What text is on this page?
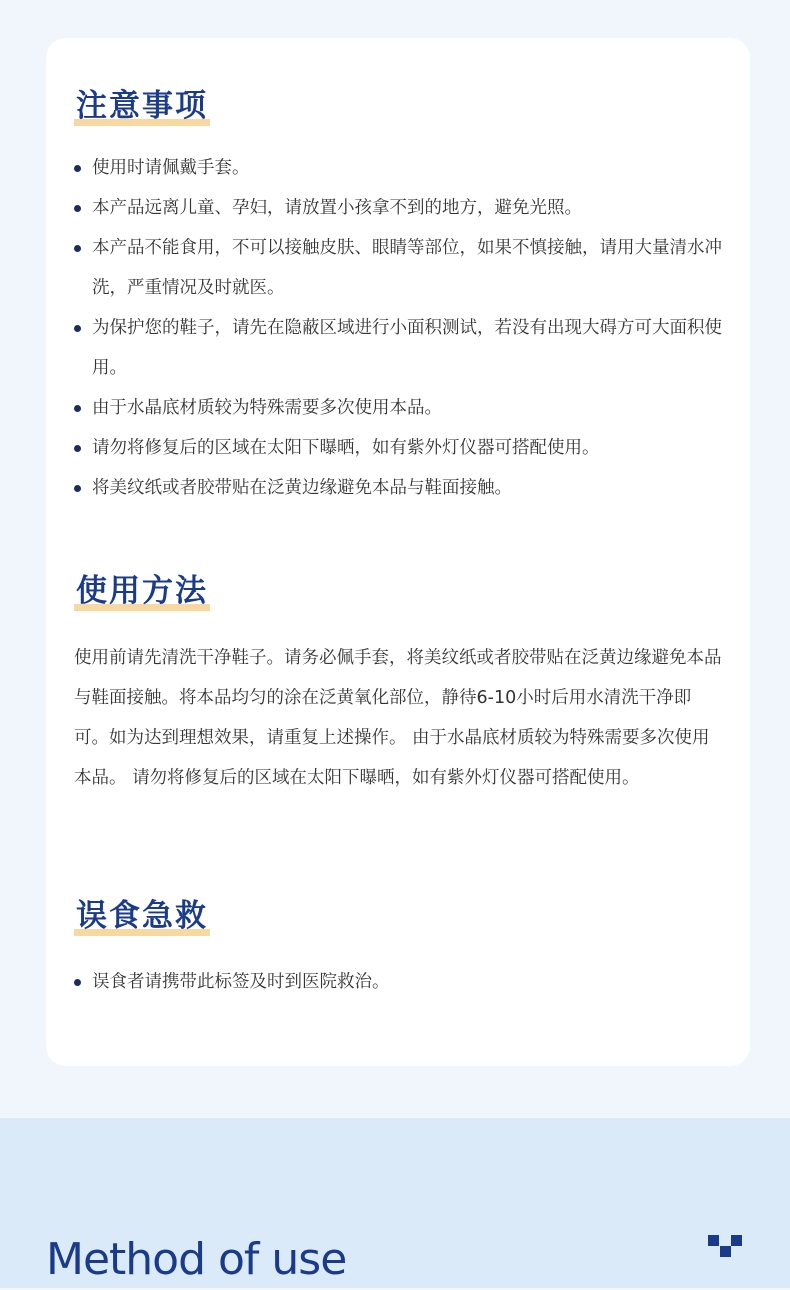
注意事项
使用时请佩戴手套。
本产品远离儿童、孕妇，请放置小孩拿不到的地方，避免光照。
本产品不能食用，不可以接触皮肤、眼睛等部位，如果不慎接触，请用大量清水冲洗，严重情况及时就医。
为保护您的鞋子，请先在隐蔽区域进行小面积测试，若没有出现大碍方可大面积使用。
由于水晶底材质较为特殊需要多次使用本品。
请勿将修复后的区域在太阳下曝晒，如有紫外灯仪器可搭配使用。
将美纹纸或者胶带贴在泛黄边缘避免本品与鞋面接触。
使用方法

使用前请先清洗干净鞋子。请务必佩手套，将美纹纸或者胶带贴在泛黄边缘避免本品与鞋面接触。将本品均匀的涂在泛黄氧化部位，静待6-10小时后用水清洗干净即可。如为达到理想效果，请重复上述操作。 由于水晶底材质较为特殊需要多次使用本品。 请勿将修复后的区域在太阳下曝晒，如有紫外灯仪器可搭配使用。

误食急救
误食者请携带此标签及时到医院救治。
Method of use
